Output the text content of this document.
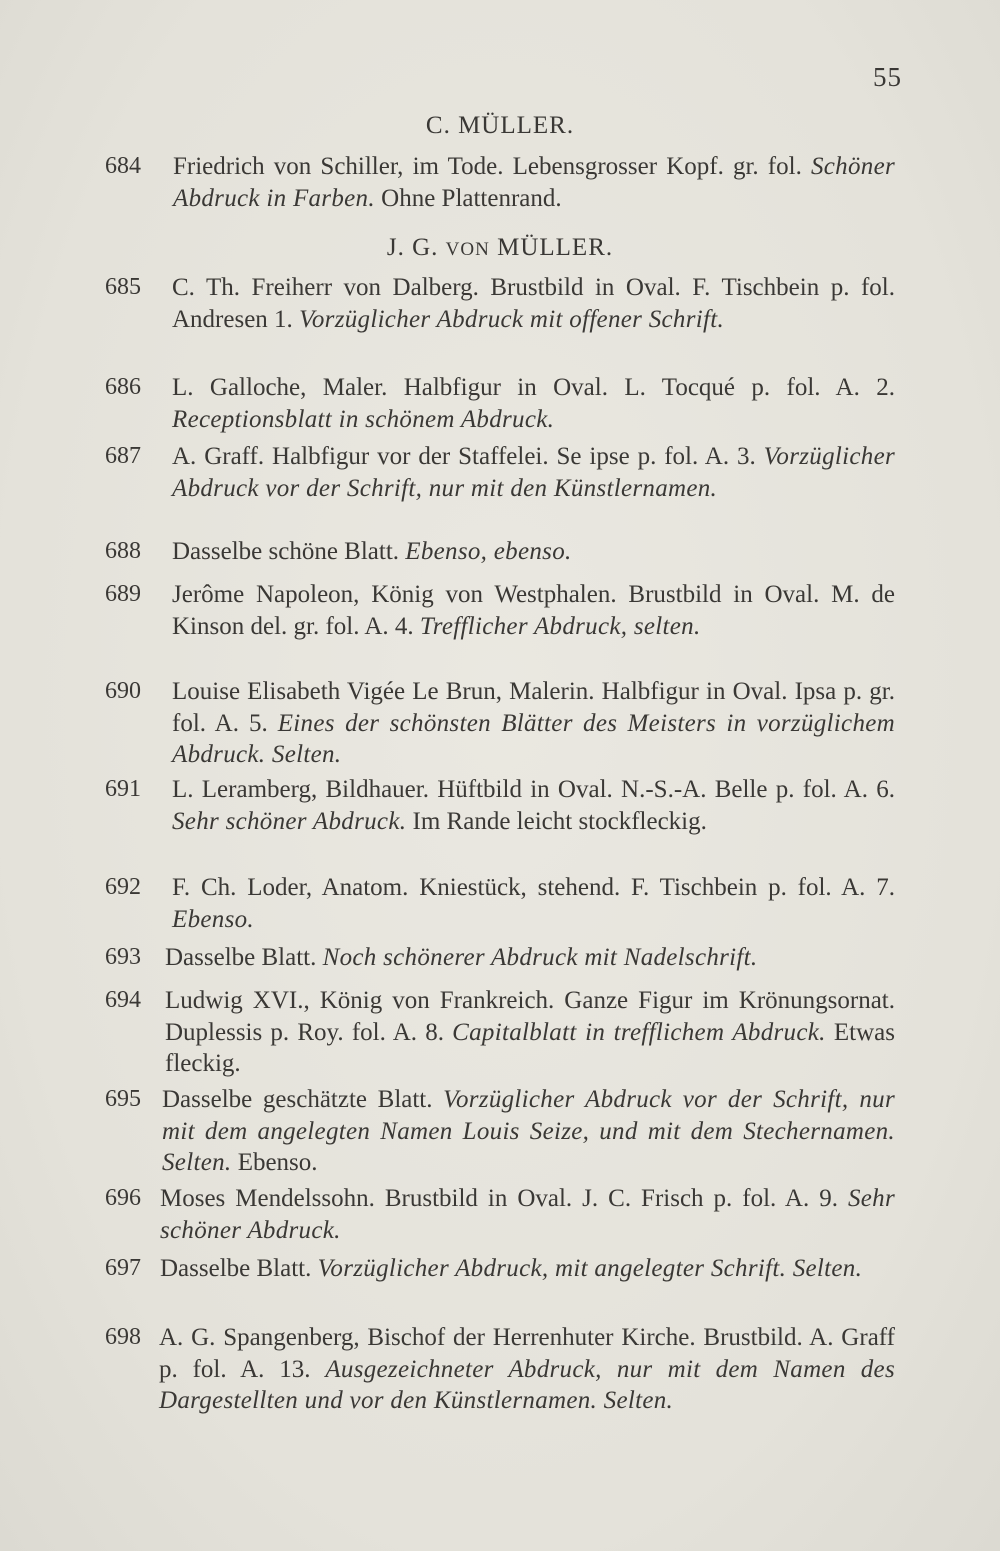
55
C. MÜLLER.
684	Friedrich von Schiller, im Tode. Lebensgrosser Kopf. gr. fol. Schöner Abdruck in Farben. Ohne Plattenrand.
J. G. VON MÜLLER.
685	C. Th. Freiherr von Dalberg. Brustbild in Oval. F. Tischbein p. fol. Andresen 1. Vorzüglicher Abdruck mit offener Schrift.
686	L. Galloche, Maler. Halbfigur in Oval. L. Tocqué p. fol. A. 2. Receptionsblatt in schönem Abdruck.
687	A. Graff. Halbfigur vor der Staffelei. Se ipse p. fol. A. 3. Vorzüglicher Abdruck vor der Schrift, nur mit den Künstlernamen.
688	Dasselbe schöne Blatt. Ebenso, ebenso.
689	Jerôme Napoleon, König von Westphalen. Brustbild in Oval. M. de Kinson del. gr. fol. A. 4. Trefflicher Abdruck, selten.
690	Louise Elisabeth Vigée Le Brun, Malerin. Halbfigur in Oval. Ipsa p. gr. fol. A. 5. Eines der schönsten Blätter des Meisters in vorzüglichem Abdruck. Selten.
691	L. Leramberg, Bildhauer. Hüftbild in Oval. N.-S.-A. Belle p. fol. A. 6. Sehr schöner Abdruck. Im Rande leicht stockfleckig.
692	F. Ch. Loder, Anatom. Kniestück, stehend. F. Tischbein p. fol. A. 7. Ebenso.
693 Dasselbe Blatt. Noch schönerer Abdruck mit Nadelschrift.
694 Ludwig XVI., König von Frankreich. Ganze Figur im Krönungsornat. Duplessis p. Roy. fol. A. 8. Capitalblatt in trefflichem Abdruck. Etwas fleckig.
695 Dasselbe geschätzte Blatt. Vorzüglicher Abdruck vor der Schrift, nur mit dem angelegten Namen Louis Seize, und mit dem Stechernamen. Selten. Ebenso.
696 Moses Mendelssohn. Brustbild in Oval. J. C. Frisch p. fol. A. 9. Sehr schöner Abdruck.
697 Dasselbe Blatt. Vorzüglicher Abdruck, mit angelegter Schrift. Selten.
698 A. G. Spangenberg, Bischof der Herrenhuter Kirche. Brustbild. A. Graff p. fol. A. 13. Ausgezeichneter Abdruck, nur mit dem Namen des Dargestellten und vor den Künstlernamen. Selten.
